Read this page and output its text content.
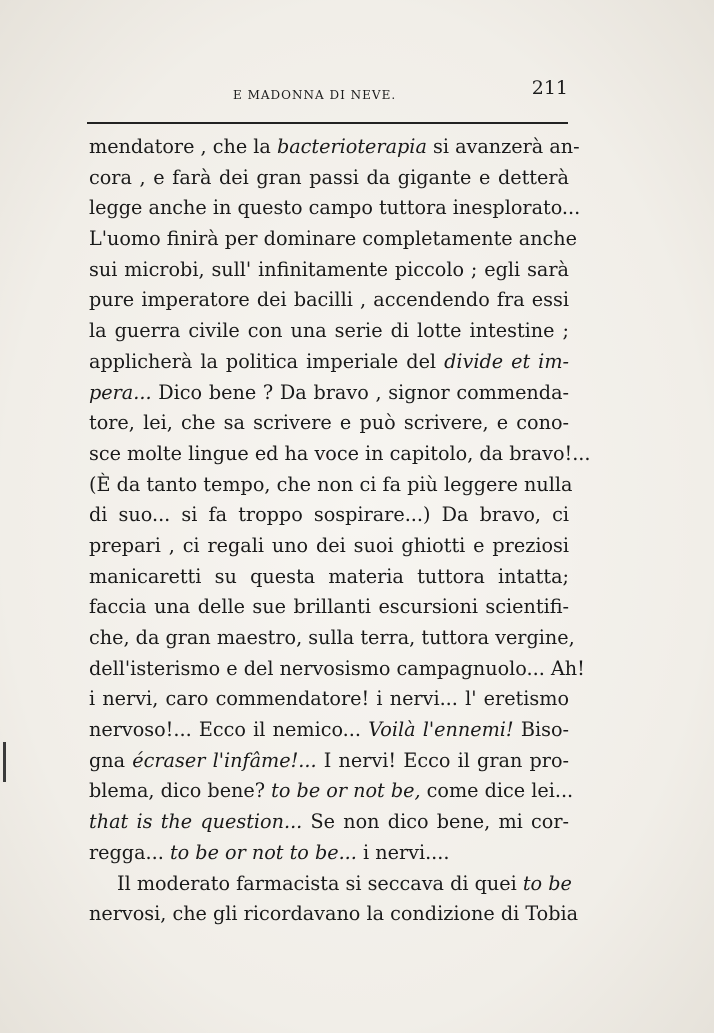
E MADONNA DI NEVE.	211
mendatore , che la bacterioterapia si avanzerà an-
cora , e farà dei gran passi da gigante e detterà
legge anche in questo campo tuttora inesplorato...
L'uomo finirà per dominare completamente anche
sui microbi, sull' infinitamente piccolo ; egli sarà
pure imperatore dei bacilli , accendendo fra essi
la guerra civile con una serie di lotte intestine ;
applicherà la politica imperiale del divide et im-
pera... Dico bene ? Da bravo , signor commenda-
tore, lei, che sa scrivere e può scrivere, e cono-
sce molte lingue ed ha voce in capitolo, da bravo!...
(È da tanto tempo, che non ci fa più leggere nulla
di suo... si fa troppo sospirare...) Da bravo, ci
prepari , ci regali uno dei suoi ghiotti e preziosi
manicaretti su questa materia tuttora intatta;
faccia una delle sue brillanti escursioni scientifi-
che, da gran maestro, sulla terra, tuttora vergine,
dell'isterismo e del nervosismo campagnuolo... Ah!
i nervi, caro commendatore! i nervi... l' eretismo
nervoso!... Ecco il nemico... Voilà l'ennemi! Biso-
gna écraser l'infâme!... I nervi! Ecco il gran pro-
blema, dico bene? to be or not be, come dice lei...
that is the question... Se non dico bene, mi cor-
regga... to be or not to be... i nervi....
Il moderato farmacista si seccava di quei to be
nervosi, che gli ricordavano la condizione di Tobia
